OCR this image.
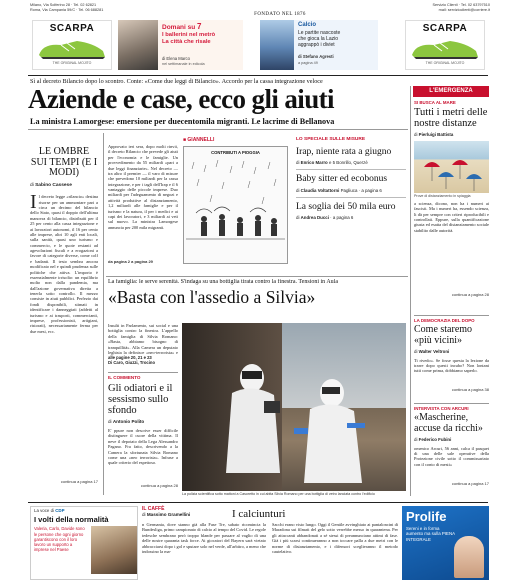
Milano, Via Solferino 28 · Tel. 02 62821
Roma, Via Campania 59/C · Tel. 06 688281
Servizio Clienti · Tel. 02 63797510
mail: servizioclienti@corriere.it
SCARPA
THE ORIGINAL MOJITO
Domani su 7
I ballerini nel metrò
La città che risale
di Elena Marco
nel settimanale in edicola
FONDATO NEL 1876
Calcio
Le partite nascoste
che gioca la Lazio
aggrappò i diviet
di Stefano Agresti
a pagina 49
SCARPA
THE ORIGINAL MOJITO
Sì al decreto Bilancio dopo lo scontro. Conte: «Come due leggi di Bilancio». Accordo per la cassa integrazione veloce
Aziende e case, ecco gli aiuti
La ministra Lamorgese: emersione per duecentomila migranti. Le lacrime di Bellanova
L'EMERGENZA
LE OMBRE SUI TEMPI (E I MODI)
di Sabino Cassese
Il decreto legge «rilancio» destina risorse per un ammontare pari a circa un decimo del bilancio dello Stato, quasi il doppio dell'ultima manovra di bilancio, distribuiti per il 25 per cento alla cassa integrazione e ai lavoratori autonomi, il 16 per cento alle imprese, altri 10 agli enti locali, sulla sanità, quasi uno turismo e commercio, e le quote restanti ad agevolazioni fiscali e a erogazioni a favore di categorie diverse, come colf e badanti. Il testo sembra ancora modificato nel e quindi prudenza sulle politiche che attiva. L'importo è essenzialmente irrisolto: un equilibrio molto non dalla pandemia, ma dall'azione governativa diretta a tenerla sotto controllo. Il mezzo consiste in aiuti pubblici. Perfezio dai fondi disponibili, stimati in identificare i danneggiati (addetti al turismo e ai trasporti, commercianti, imprese, professionisti, artigiani, ristorati), necessariamente ferma per due mesi, ecc.
continua a pagina 17
Approvato ieri sera, dopo molti rinvii, il decreto Rilancio che prevede gli aiuti per l'economia e le famiglie. Un provvedimento da 55 miliardi «pari a due leggi finanziarie». Nel decreto — tra altro il premier — il varo di misure che prevedono 10 miliardi per la cassa integrazione, e per i tagli dell'Irap e il 6 vantaggio delle piccole imprese. Duo miliardi per l'adeguamento di negozi e attività produttive al distanziamento, 1,2 miliardi alle famiglie e per il turismo e la natura, il per i medici e ai capi dei lavoratori, e 3 miliardi ai veti sul nuovo. La ministra Lamorgese annuncia per 200 mila migranti.
da pagina 2 a pagina 29
■ GIANNELLI
CONTRIBUTI A PIOGGIA
LO SPECIALE SULLE MISURE
Irap, niente rata a giugno
di Enrico Marro e 5 Bonrillo, Querzè
Baby sitter ed ecobonus
di Claudia Voltattorni Pagliuca · a pagina 6
La soglia dei 50 mila euro
di Andrea Ducci · a pagina 6
La famiglia: le serve serenità. S'indaga su una bottiglia tirata contro la finestra. Tensioni in Aula
«Basta con l'assedio a Silvia»
Insulti in Parlamento, sui social e una bottiglia contro la finestra. L'appello della famiglia di Silvia Romano: «Basta, abbiamo bisogno di tranquillità». Alla Camera un deputato leghista la definisce «neo-terrorista» e
alle pagine 20, 21 e 23
Di Caro, Giuzzi, Trocino
IL COMMENTO
Gli odiatori e il sessismo sullo sfondo
di Antonio Polito
E' ppure non descrive esser difficile distinguere il cuore della vittima. Il neve il depotato della Lega Alessandro Pagano. Fra fatto, descrivendo a la Camera la sfortunata Silvia Romano come una «neo terrorista». Infrase a quale criterio del espettoso.
continua a pagina 28
La polizia scientifica sotto mattoni a Casoretto in cui abita Silvia Romano per una bottiglia di vetro lanciata contro l'edificio
SI BUSCA AL MARE
Tutti i metri delle nostre distanze
di Pierluigi Battista
Prove di distanziamento in spiaggia
a scienza, dicono, non ha i numeri ai fascisti. Ma i numeri ha, essendo scienza, li dà per sempre con criteri riproducibili e controllati. Eppure, sulla quantificazione giusta ed esatta del distanziamento sociale stabilito dalle autorità.
continua a pagina 28
LA DEMOCRAZIA DEL DOPO
Come staremo «più vicini»
di Walter Veltroni
Ti rivedo». Se fosse questa la lezione da trarre dopo questi incubo? Non lontani tutti come prima, dobbiamo saperlo.
continua a pagina 38
INTERVISTA CON ARCURI
«Mascherine, accuse da ricchi»
di Federico Fubini
omenico Arcuri, 56 anni, calca il pasquet di una delle sale operative della Protezione civile sotto il commissariato con il conto di mesti»
continua a pagina 17
La voce di CDP
I volti della normalità
Valeria, Carlo, Davide sono le persone che ogni giorno garantiscono con il loro lavoro un supporto a imprese nel Paese
IL CAFFÈ
di Massimo Gramellini	I calciunturi
n Germania, dove stanno già alla Fase Tre, sabato ricomincia la Bundesliga, primo campionato di calcio al tempo del Covid. Le regole tedesche sembrano però troppo blande per passare al vaglio di una delle nostre quaranta task force. Ai giocatori del Bayern sarà vietato abbracciarsi dopo i gol e sputare solo nel verde, all'arbitro, a meno che indossino la ma-
Sacchi erano visto lungo. Oggi il Gentile avvinghiato ai pantaloncini di Maradona sui filmati del gelo sotto verrebbe messo in quarantena. Per gli attaccanti abbandonati a sé stessi di preannunciano attimi di fase. Già i più scarsi continueranno a non toccare palla a due metri con le norme di distanziamento, e i difensori sceglieranno il metodo cautelativo.
Prolife
Sereni e in forma aumento ma sulla PIENA INTEGRALE
